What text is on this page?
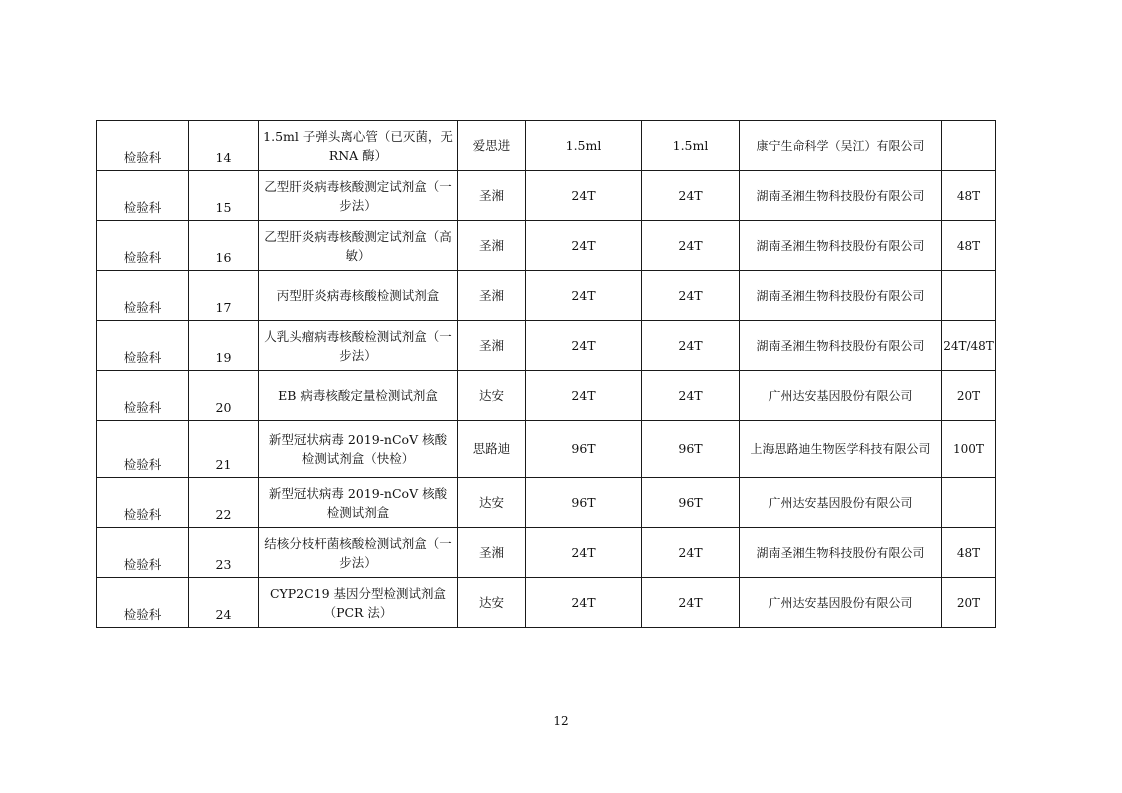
检验科	14	1.5ml 子弹头离心管（已灭菌，无 RNA 酶）	爱思进	1.5ml	1.5ml	康宁生命科学（吴江）有限公司	
检验科	15	乙型肝炎病毒核酸测定试剂盒（一步法）	圣湘	24T	24T	湖南圣湘生物科技股份有限公司	48T
检验科	16	乙型肝炎病毒核酸测定试剂盒（高敏）	圣湘	24T	24T	湖南圣湘生物科技股份有限公司	48T
检验科	17	丙型肝炎病毒核酸检测试剂盒	圣湘	24T	24T	湖南圣湘生物科技股份有限公司	
检验科	19	人乳头瘤病毒核酸检测试剂盒（一步法）	圣湘	24T	24T	湖南圣湘生物科技股份有限公司	24T/48T
检验科	20	EB 病毒核酸定量检测试剂盒	达安	24T	24T	广州达安基因股份有限公司	20T
检验科	21	新型冠状病毒 2019-nCoV 核酸检测试剂盒（快检）	思路迪	96T	96T	上海思路迪生物医学科技有限公司	100T
检验科	22	新型冠状病毒 2019-nCoV 核酸检测试剂盒	达安	96T	96T	广州达安基因股份有限公司	
检验科	23	结核分枝杆菌核酸检测试剂盒（一步法）	圣湘	24T	24T	湖南圣湘生物科技股份有限公司	48T
检验科	24	CYP2C19 基因分型检测试剂盒（PCR 法）	达安	24T	24T	广州达安基因股份有限公司	20T
12
